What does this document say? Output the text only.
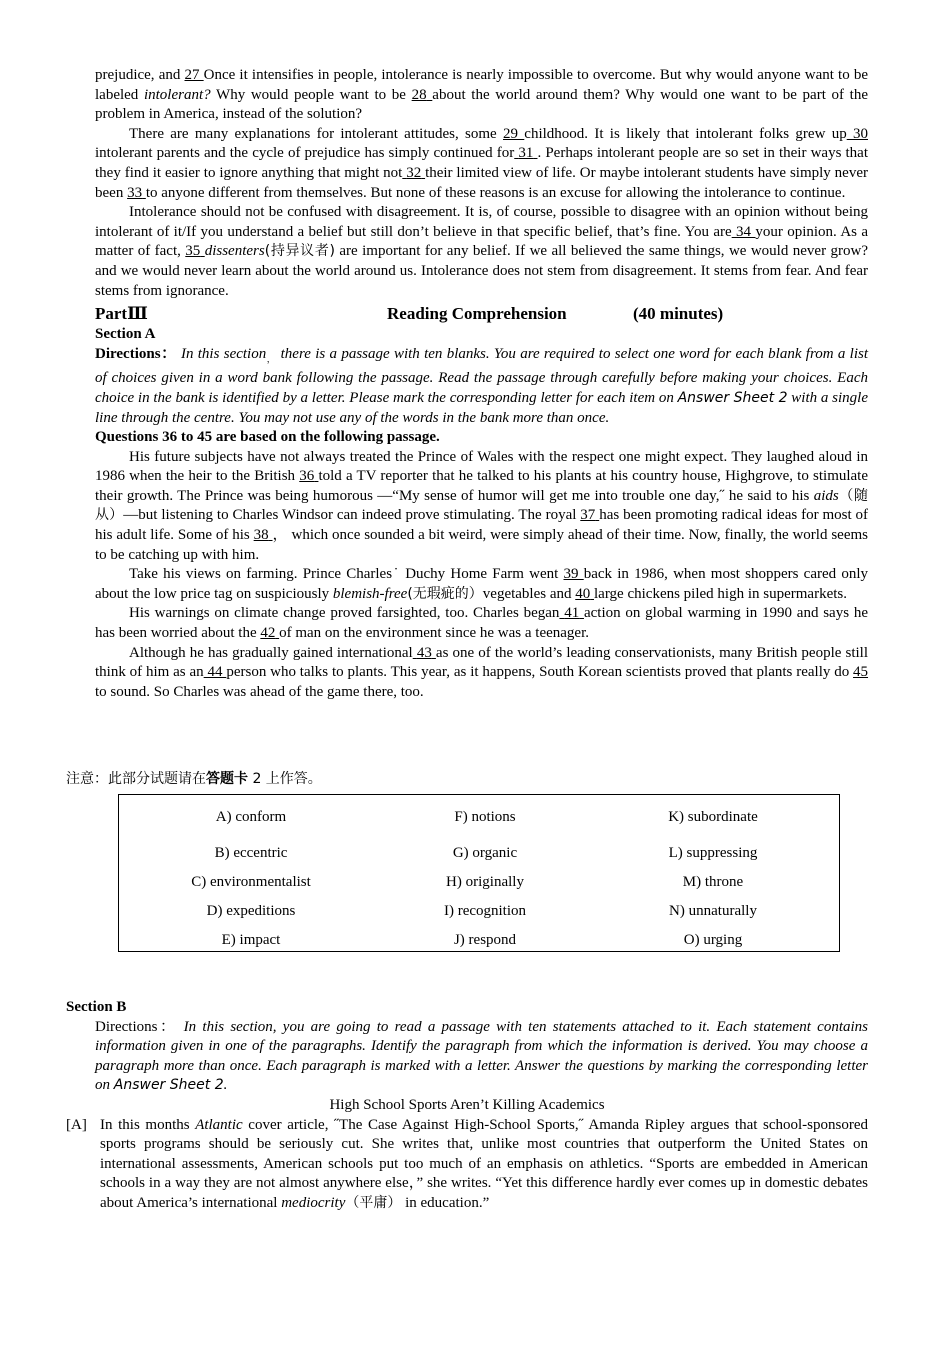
prejudice, and 27 Once it intensifies in people, intolerance is nearly impossible to overcome. But why would anyone want to be labeled intolerant? Why would people want to be 28 about the world around them? Why would one want to be part of the problem in America, instead of the solution?

There are many explanations for intolerant attitudes, some 29 childhood. It is likely that intolerant folks grew up 30 intolerant parents and the cycle of prejudice has simply continued for 31 . Perhaps intolerant people are so set in their ways that they find it easier to ignore anything that might not 32 their limited view of life. Or maybe intolerant students have simply never been 33 to anyone different from themselves. But none of these reasons is an excuse for allowing the intolerance to continue.

Intolerance should not be confused with disagreement. It is, of course, possible to disagree with an opinion without being intolerant of it/If you understand a belief but still don’t believe in that specific belief, that’s fine. You are 34 your opinion. As a matter of fact, 35 dissenters(持异议者) are important for any belief. If we all believed the same things, we would never grow? and we would never learn about the world around us. Intolerance does not stem from disagreement. It stems from fear. And fear stems from ignorance.

PartⅢ	Reading Comprehension	(40 minutes)

Section A

Directions： In this section$_,$ there is a passage with ten blanks. You are required to select one word for each blank from a list of choices given in a word bank following the passage. Read the passage through carefully before making your choices. Each choice in the bank is identified by a letter. Please mark the corresponding letter for each item on Answer Sheet 2 with a single line through the centre. You may not use any of the words in the bank more than once.

Questions 36 to 45 are based on the following passage.

His future subjects have not always treated the Prince of Wales with the respect one might expect. They laughed aloud in 1986 when the heir to the British 36 told a TV reporter that he talked to his plants at his country house, Highgrove, to stimulate their growth. The Prince was being humorous —“My sense of humor will get me into trouble one day,˝ he said to his aids（随从）—but listening to Charles Windsor can indeed prove stimulating. The royal 37 has been promoting radical ideas for most of his adult life. Some of his 38 ， which once sounded a bit weird, were simply ahead of their time. Now, finally, the world seems to be catching up with him.

Take his views on farming. Prince Charles˙ Duchy Home Farm went 39 back in 1986, when most shoppers cared only about the low price tag on suspiciously blemish-free(无瑕疵的）vegetables and 40 large chickens piled high in supermarkets.

His warnings on climate change proved farsighted, too. Charles began 41 action on global warming in 1990 and says he has been worried about the 42 of man on the environment since he was a teenager.

Although he has gradually gained international 43 as one of the world’s leading conservationists, many British people still think of him as an 44 person who talks to plants. This year, as it happens, South Korean scientists proved that plants really do 45 to sound. So Charles was ahead of the game there, too.

注意：此部分试题请在答题卡 2 上作答。
A) conform
B) eccentric
C) environmentalist
D) expeditions
E) impact
F) notions
G) organic
H) originally
I) recognition
J) respond
K) subordinate
L) suppressing
M) throne
N) unnaturally
O) urging

Section B

Directions： In this section, you are going to read a passage with ten statements attached to it. Each statement contains information given in one of the paragraphs. Identify the paragraph from which the information is derived. You may choose a paragraph more than once. Each paragraph is marked with a letter. Answer the questions by marking the corresponding letter on Answer Sheet 2.

High School Sports Aren’t Killing Academics

[A] In this months Atlantic cover article, ˝The Case Against High-School Sports,˝ Amanda Ripley argues that school-sponsored sports programs should be seriously cut. She writes that, unlike most countries that outperform the United States on international assessments, American schools put too much of an emphasis on athletics. “Sports are embedded in American schools in a way they are not almost anywhere else，” she writes. “Yet this difference hardly ever comes up in domestic debates about America’s international mediocrity（平庸） in education.”
